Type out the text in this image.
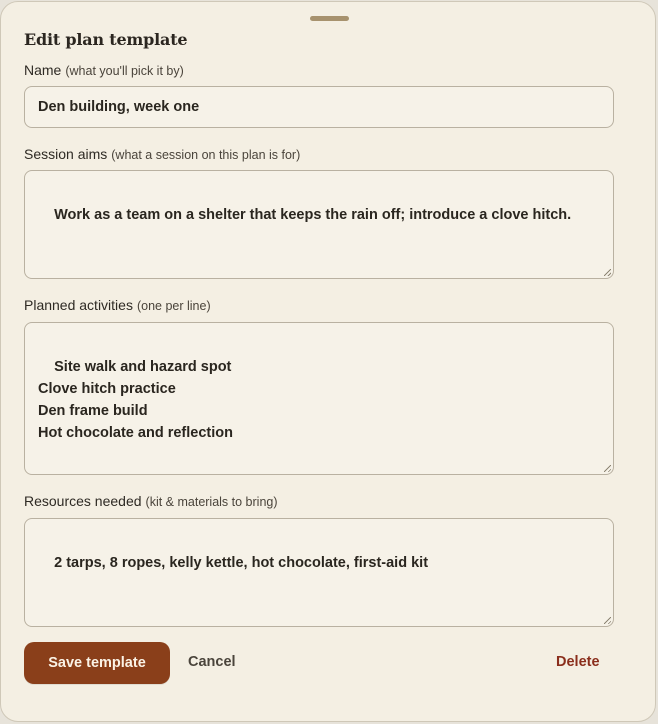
Edit plan template
Name (what you'll pick it by)
Den building, week one
Session aims (what a session on this plan is for)

Work as a team on a shelter that keeps the rain off; introduce a clove hitch.

Planned activities (one per line)

Site walk and hazard spot
Clove hitch practice
Den frame build
Hot chocolate and reflection

Resources needed (kit & materials to bring)

2 tarps, 8 ropes, kelly kettle, hot chocolate, first-aid kit

Save template	Cancel	Delete
